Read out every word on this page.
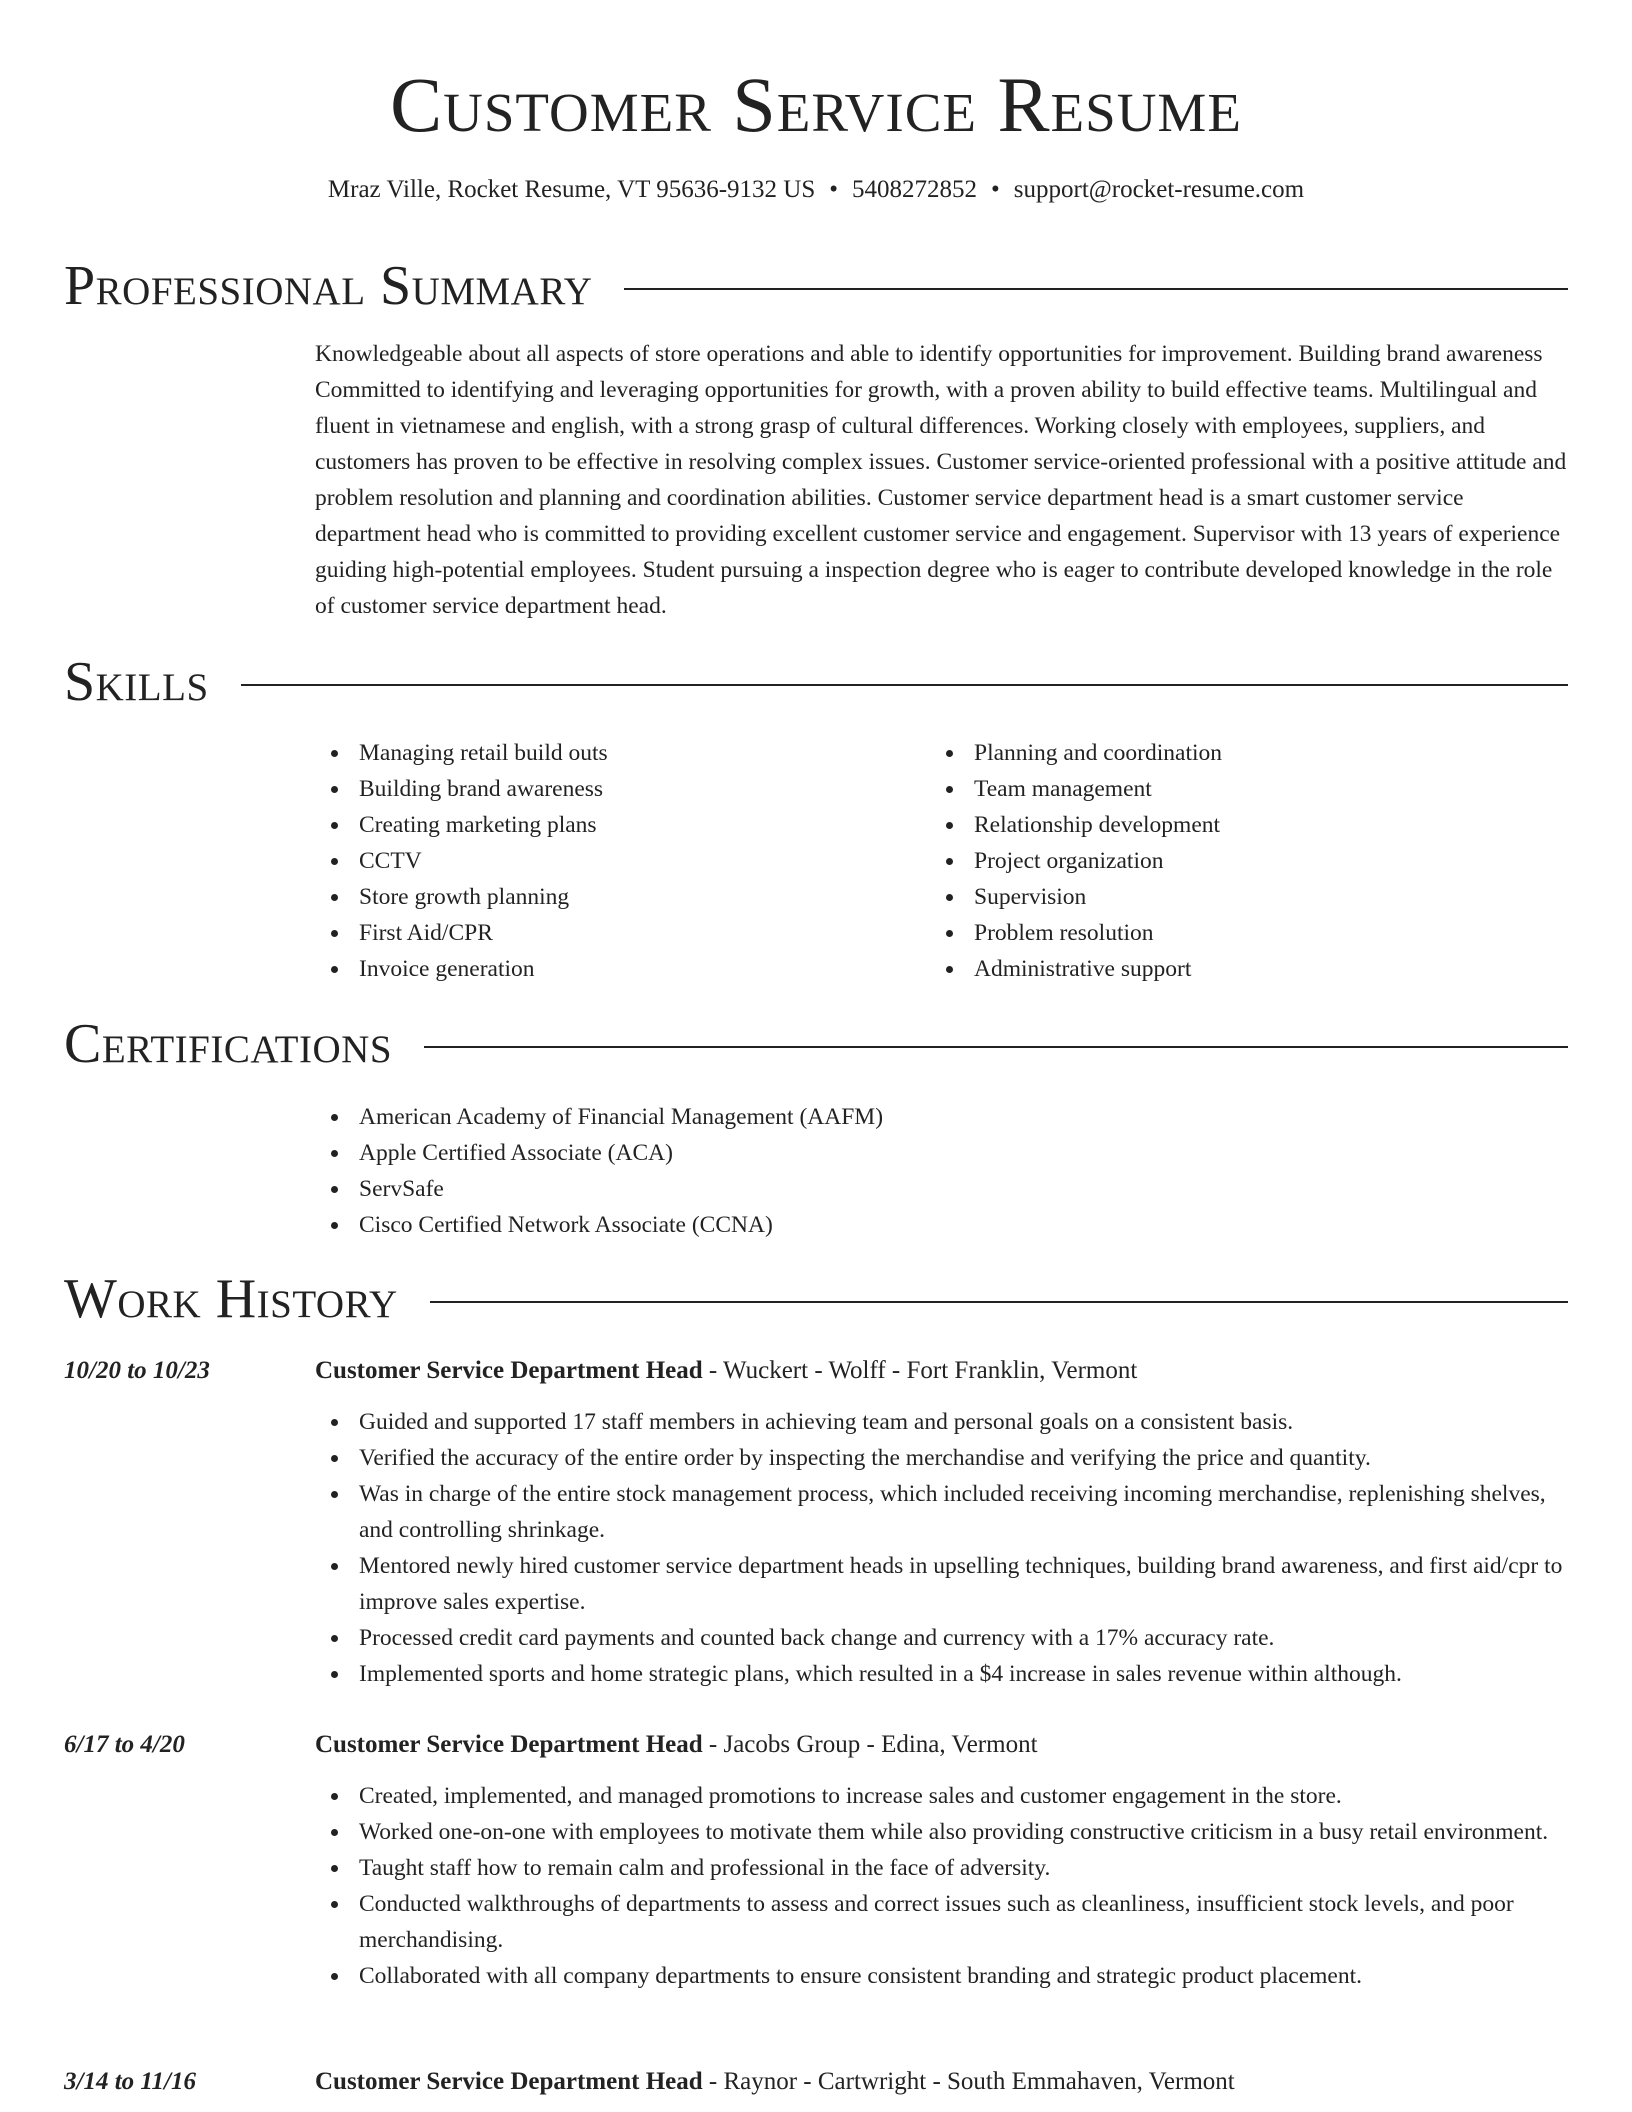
Customer Service Resume
Mraz Ville, Rocket Resume, VT 95636-9132 US • 5408272852 • support@rocket-resume.com
Professional Summary

Knowledgeable about all aspects of store operations and able to identify opportunities for improvement. Building brand awareness Committed to identifying and leveraging opportunities for growth, with a proven ability to build effective teams. Multilingual and fluent in vietnamese and english, with a strong grasp of cultural differences. Working closely with employees, suppliers, and customers has proven to be effective in resolving complex issues. Customer service-oriented professional with a positive attitude and problem resolution and planning and coordination abilities. Customer service department head is a smart customer service department head who is committed to providing excellent customer service and engagement. Supervisor with 13 years of experience guiding high-potential employees. Student pursuing a inspection degree who is eager to contribute developed knowledge in the role of customer service department head.

Skills
Managing retail build outs
Building brand awareness
Creating marketing plans
CCTV
Store growth planning
First Aid/CPR
Invoice generation
Planning and coordination
Team management
Relationship development
Project organization
Supervision
Problem resolution
Administrative support
Certifications
American Academy of Financial Management (AAFM)
Apple Certified Associate (ACA)
ServSafe
Cisco Certified Network Associate (CCNA)
Work History
10/20 to 10/23	Customer Service Department Head - Wuckert - Wolff - Fort Franklin, Vermont
Guided and supported 17 staff members in achieving team and personal goals on a consistent basis.
Verified the accuracy of the entire order by inspecting the merchandise and verifying the price and quantity.
Was in charge of the entire stock management process, which included receiving incoming merchandise, replenishing shelves, and controlling shrinkage.
Mentored newly hired customer service department heads in upselling techniques, building brand awareness, and first aid/cpr to improve sales expertise.
Processed credit card payments and counted back change and currency with a 17% accuracy rate.
Implemented sports and home strategic plans, which resulted in a $4 increase in sales revenue within although.
6/17 to 4/20	Customer Service Department Head - Jacobs Group - Edina, Vermont
Created, implemented, and managed promotions to increase sales and customer engagement in the store.
Worked one-on-one with employees to motivate them while also providing constructive criticism in a busy retail environment.
Taught staff how to remain calm and professional in the face of adversity.
Conducted walkthroughs of departments to assess and correct issues such as cleanliness, insufficient stock levels, and poor merchandising.
Collaborated with all company departments to ensure consistent branding and strategic product placement.
3/14 to 11/16	Customer Service Department Head - Raynor - Cartwright - South Emmahaven, Vermont
